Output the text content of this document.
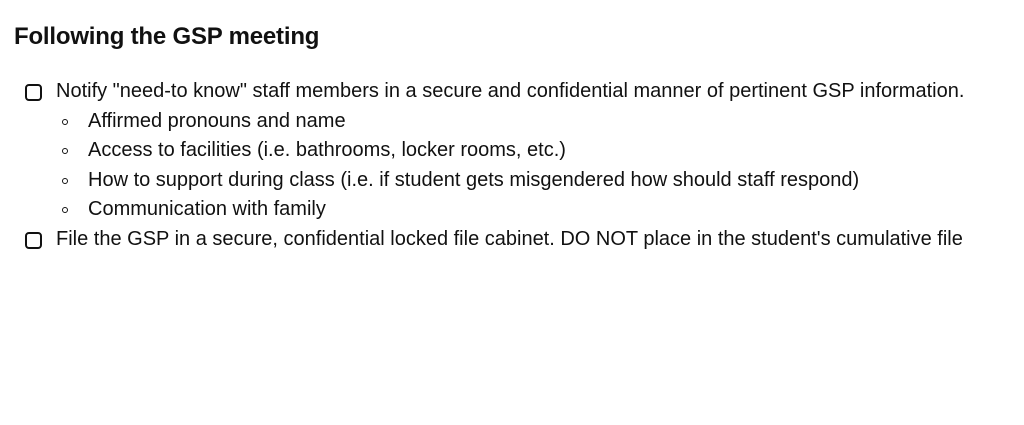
Following the GSP meeting
Notify "need-to know" staff members in a secure and confidential manner of pertinent GSP information.
Affirmed pronouns and name
Access to facilities (i.e. bathrooms, locker rooms, etc.)
How to support during class (i.e. if student gets misgendered how should staff respond)
Communication with family
File the GSP in a secure, confidential locked file cabinet. DO NOT place in the student's cumulative file
